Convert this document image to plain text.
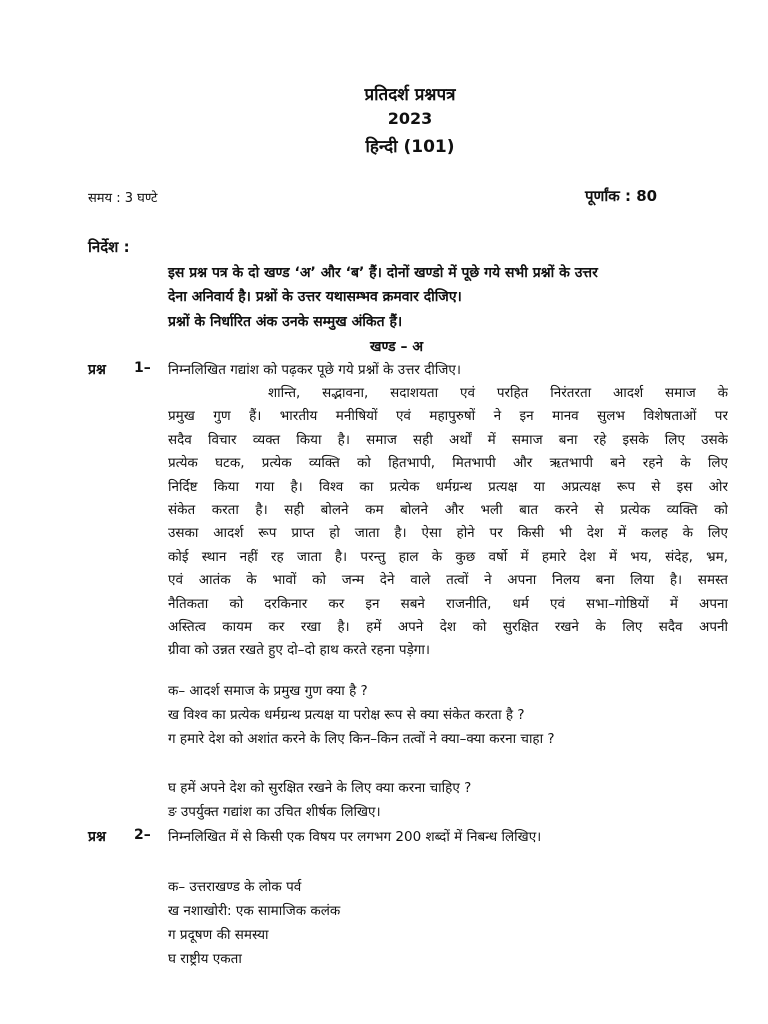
प्रतिदर्श प्रश्नपत्र
2023
हिन्दी (101)
समय : 3 घण्टे	पूर्णांक : 80
निर्देश :
इस प्रश्न पत्र के दो खण्ड ‘अ’ और ‘ब’ हैं। दोनों खण्डो में पूछे गये सभी प्रश्नों के उत्तर
देना अनिवार्य है। प्रश्नों के उत्तर यथासम्भव क्रमवार दीजिए।
प्रश्नों के निर्धारित अंक उनके सम्मुख अंकित हैं।
खण्ड – अ
प्रश्न 1– निम्नलिखित गद्यांश को पढ़कर पूछे गये प्रश्नों के उत्तर दीजिए।
शान्ति, सद्भावना, सदाशयता एवं परहित निरंतरता आदर्श समाज के
प्रमुख गुण हैं। भारतीय मनीषियों एवं महापुरुषों ने इन मानव सुलभ विशेषताओं पर
सदैव विचार व्यक्त किया है। समाज सही अर्थों में समाज बना रहे इसके लिए उसके
प्रत्येक घटक, प्रत्येक व्यक्ति को हितभापी, मितभापी और ऋतभापी बने रहने के लिए
निर्दिष्ट किया गया है। विश्व का प्रत्येक धर्मग्रन्थ प्रत्यक्ष या अप्रत्यक्ष रूप से इस ओर
संकेत करता है। सही बोलने कम बोलने और भली बात करने से प्रत्येक व्यक्ति को
उसका आदर्श रूप प्राप्त हो जाता है। ऐसा होने पर किसी भी देश में कलह के लिए
कोई स्थान नहीं रह जाता है। परन्तु हाल के कुछ वर्षो में हमारे देश में भय, संदेह, भ्रम,
एवं आतंक के भावों को जन्म देने वाले तत्वों ने अपना निलय बना लिया है। समस्त
नैतिकता को दरकिनार कर इन सबने राजनीति, धर्म एवं सभा–गोष्ठियों में अपना
अस्तित्व कायम कर रखा है। हमें अपने देश को सुरक्षित रखने के लिए सदैव अपनी
ग्रीवा को उन्नत रखते हुए दो–दो हाथ करते रहना पड़ेगा।
क– आदर्श समाज के प्रमुख गुण क्या है ?
ख विश्व का प्रत्येक धर्मग्रन्थ प्रत्यक्ष या परोक्ष रूप से क्या संकेत करता है ?
ग हमारे देश को अशांत करने के लिए किन–किन तत्वों ने क्या–क्या करना चाहा ?
घ हमें अपने देश को सुरक्षित रखने के लिए क्या करना चाहिए ?
ङ उपर्युक्त गद्यांश का उचित शीर्षक लिखिए।
प्रश्न 2– निम्नलिखित में से किसी एक विषय पर लगभग 200 शब्दों में निबन्ध लिखिए।
क– उत्तराखण्ड के लोक पर्व
ख नशाखोरी: एक सामाजिक कलंक
ग प्रदूषण की समस्या
घ राष्ट्रीय एकता
